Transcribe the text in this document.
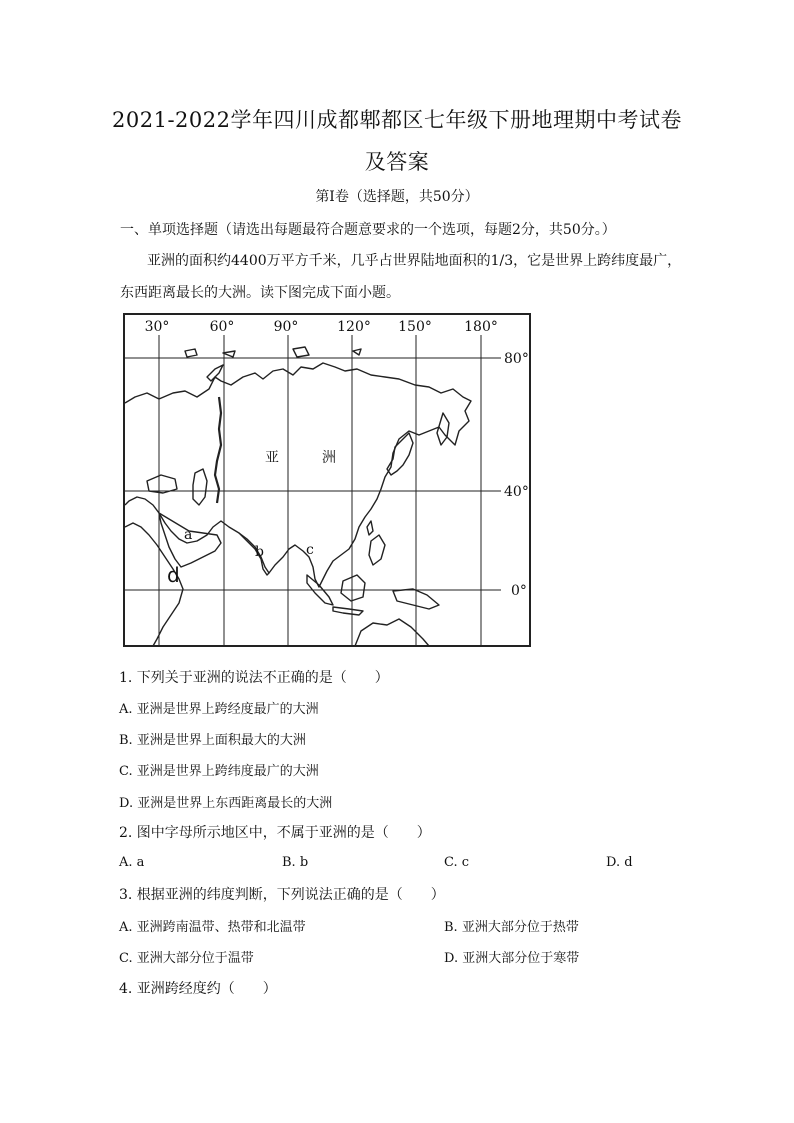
2021-2022学年四川成都郫都区七年级下册地理期中考试卷
及答案
第Ⅰ卷（选择题，共50分）
一、单项选择题（请选出每题最符合题意要求的一个选项，每题2分，共50分。）
亚洲的面积约4400万平方千米，几乎占世界陆地面积的1/3，它是世界上跨纬度最广，
东西距离最长的大洲。读下图完成下面小题。
30°	60°	90°	120° 150° 180°
80°
40°
0°
亚	洲
a
b	c
d
1. 下列关于亚洲的说法不正确的是（　　）
A. 亚洲是世界上跨经度最广的大洲
B. 亚洲是世界上面积最大的大洲
C. 亚洲是世界上跨纬度最广的大洲
D. 亚洲是世界上东西距离最长的大洲
2. 图中字母所示地区中，不属于亚洲的是（　　）
A. a	B. b	C. c	D. d
3. 根据亚洲的纬度判断，下列说法正确的是（　　）
A. 亚洲跨南温带、热带和北温带	B. 亚洲大部分位于热带
C. 亚洲大部分位于温带	D. 亚洲大部分位于寒带
4. 亚洲跨经度约（　　）
